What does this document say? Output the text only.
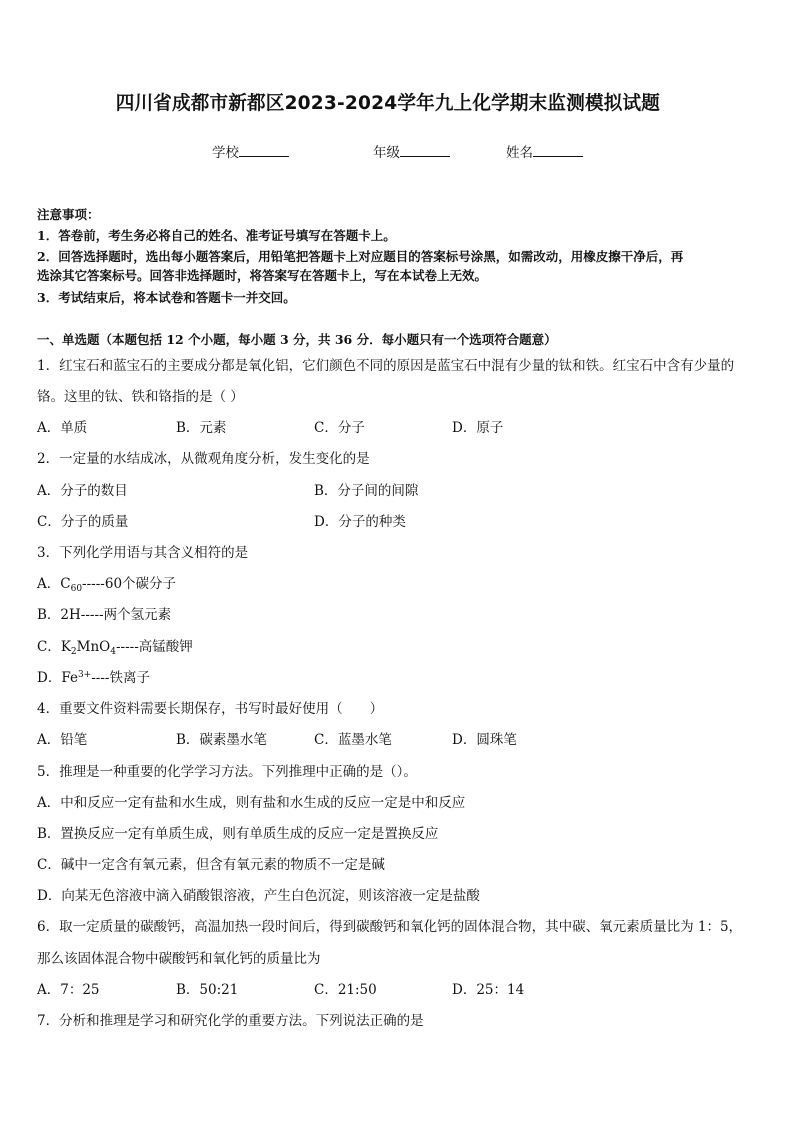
四川省成都市新都区2023-2024学年九上化学期末监测模拟试题
学校	年级	姓名
注意事项：
1．答卷前，考生务必将自己的姓名、准考证号填写在答题卡上。
2．回答选择题时，选出每小题答案后，用铅笔把答题卡上对应题目的答案标号涂黑，如需改动，用橡皮擦干净后，再
选涂其它答案标号。回答非选择题时，将答案写在答题卡上，写在本试卷上无效。
3．考试结束后，将本试卷和答题卡一并交回。
一、单选题（本题包括 12 个小题，每小题 3 分，共 36 分．每小题只有一个选项符合题意）
1．红宝石和蓝宝石的主要成分都是氧化铝，它们颜色不同的原因是蓝宝石中混有少量的钛和铁。红宝石中含有少量的
铬。这里的钛、铁和铬指的是（ ）
A．单质	B．元素	C．分子	D．原子
2．一定量的水结成冰，从微观角度分析，发生变化的是
A．分子的数目	B．分子间的间隙
C．分子的质量	D．分子的种类
3．下列化学用语与其含义相符的是
A．$C_{60}-----60$个碳分子
B．2H-----两个氢元素
C．$K_2MnO_4-----$高锰酸钾
D．$Fe^{3+}----$铁离子
4．重要文件资料需要长期保存，书写时最好使用（　　）
A．铅笔	B．碳素墨水笔	C．蓝墨水笔	D．圆珠笔
5．推理是一种重要的化学学习方法。下列推理中正确的是（）。
A．中和反应一定有盐和水生成，则有盐和水生成的反应一定是中和反应
B．置换反应一定有单质生成，则有单质生成的反应一定是置换反应
C．碱中一定含有氧元素，但含有氧元素的物质不一定是碱
D．向某无色溶液中滴入硝酸银溶液，产生白色沉淀，则该溶液一定是盐酸
6．取一定质量的碳酸钙，高温加热一段时间后，得到碳酸钙和氧化钙的固体混合物，其中碳、氧元素质量比为 1：5，
那么该固体混合物中碳酸钙和氧化钙的质量比为
A．7：25	B．50:21	C．21:50	D．25：14
7．分析和推理是学习和研究化学的重要方法。下列说法正确的是
